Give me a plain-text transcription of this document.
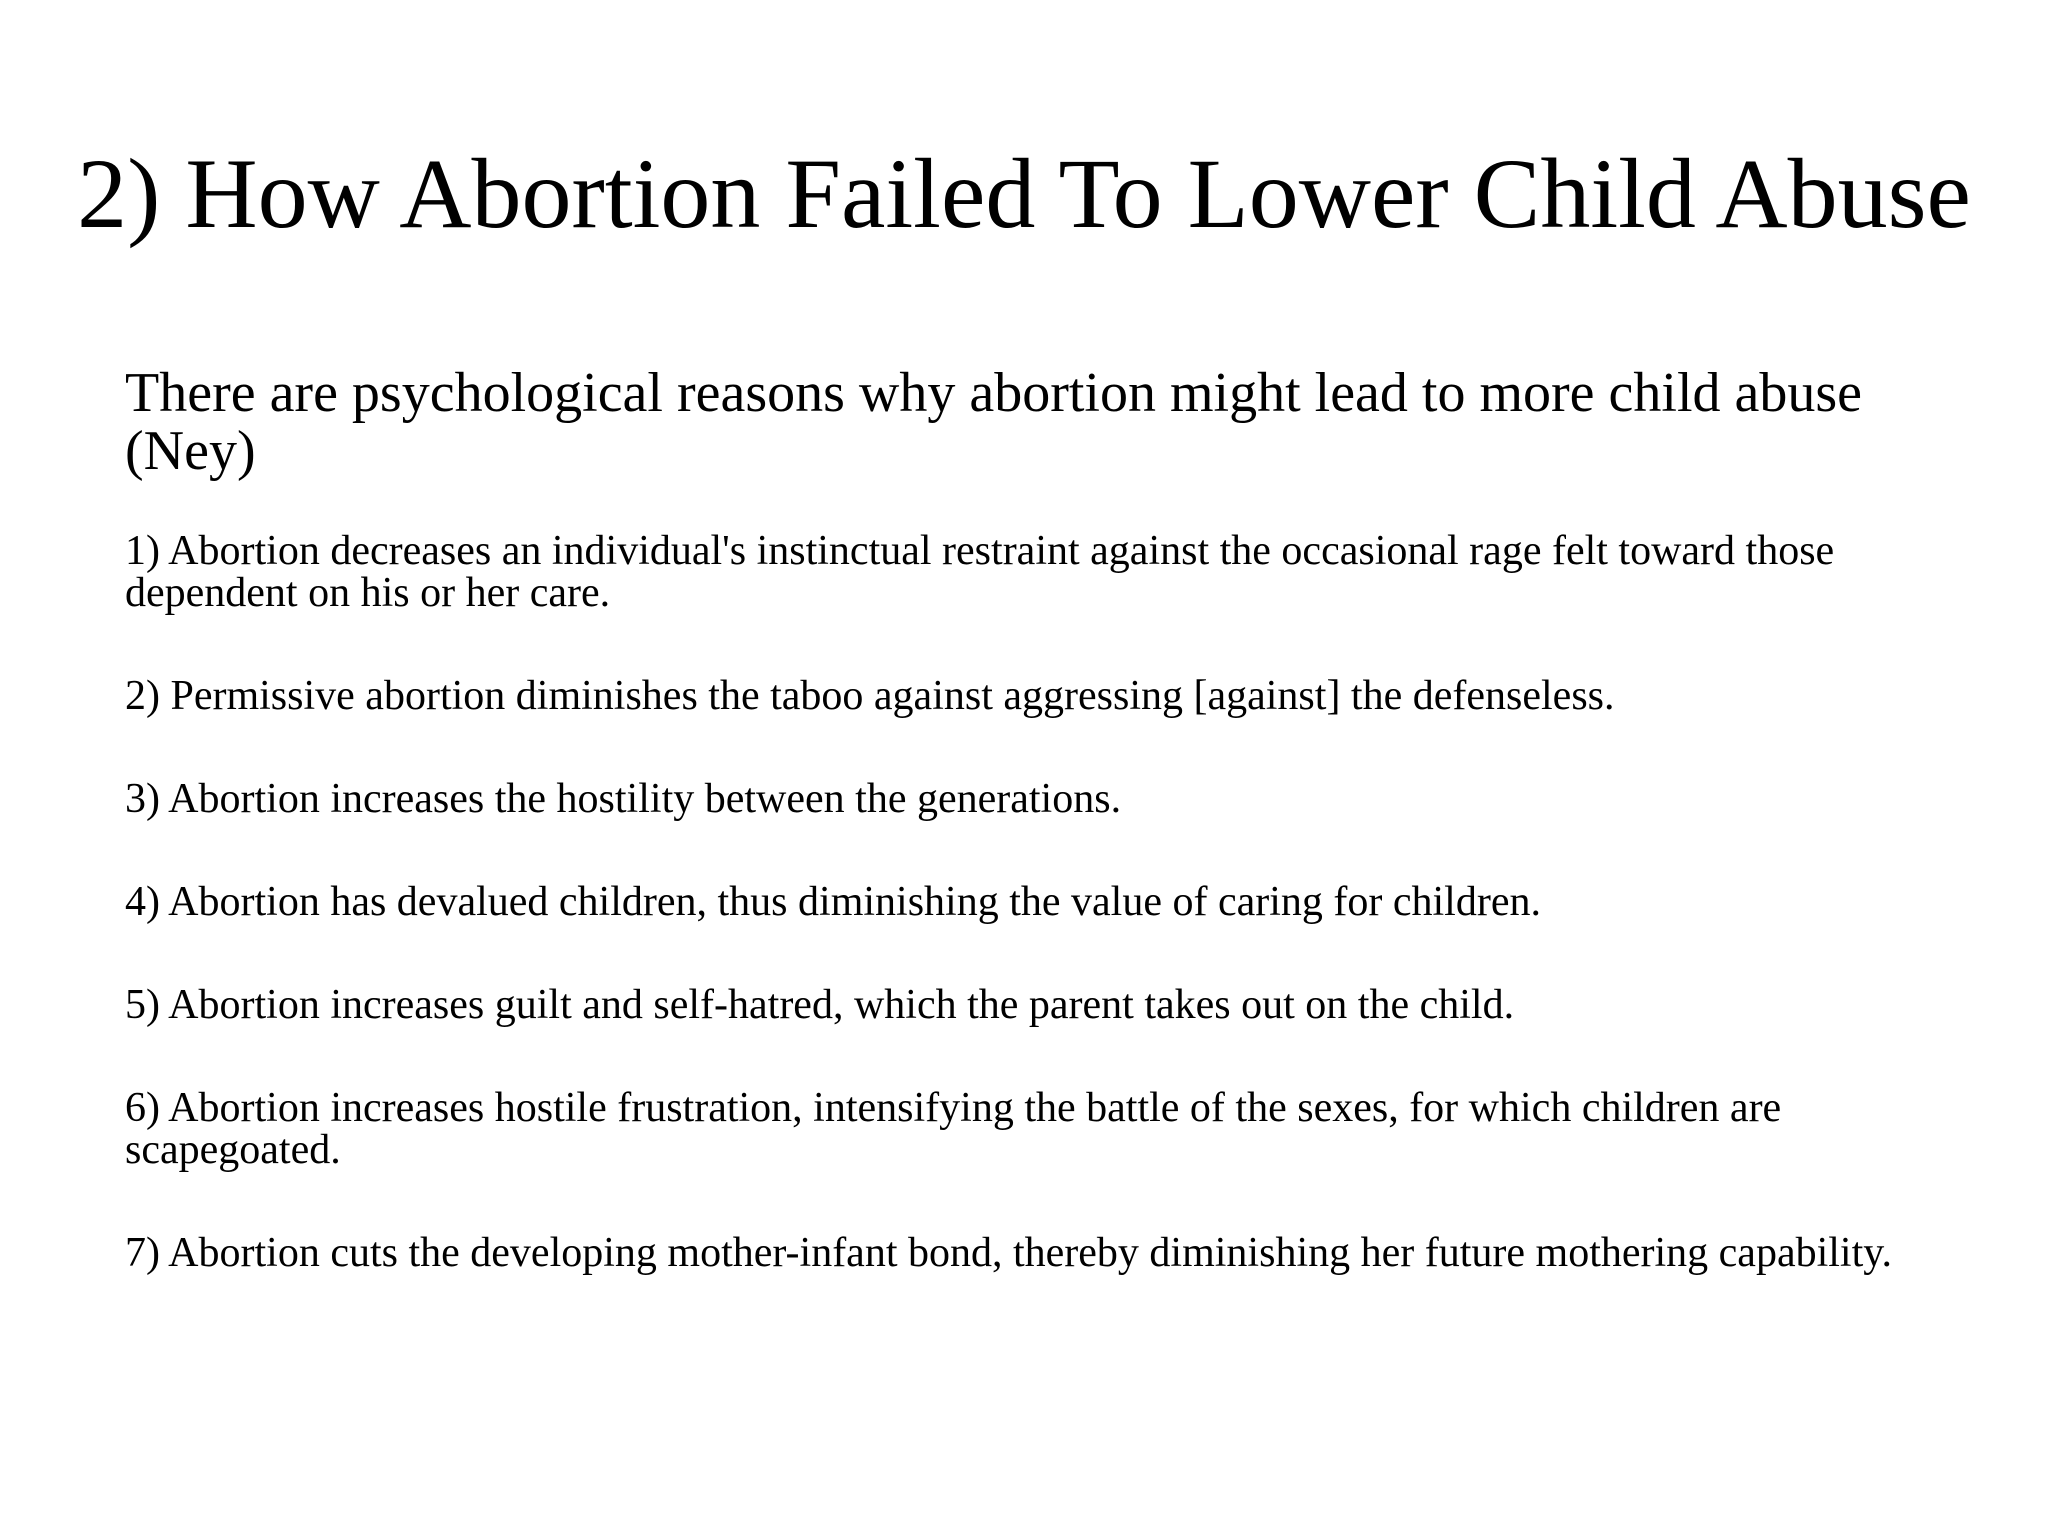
2) How Abortion Failed To Lower Child Abuse

There are psychological reasons why abortion might lead to more child abuse (Ney)

1) Abortion decreases an individual's instinctual restraint against the occasional rage felt toward those dependent on his or her care.
2) Permissive abortion diminishes the taboo against aggressing [against] the defenseless.
3) Abortion increases the hostility between the generations.
4) Abortion has devalued children, thus diminishing the value of caring for children.
5) Abortion increases guilt and self-hatred, which the parent takes out on the child.
6) Abortion increases hostile frustration, intensifying the battle of the sexes, for which children are scapegoated.
7) Abortion cuts the developing mother-infant bond, thereby diminishing her future mothering capability.
